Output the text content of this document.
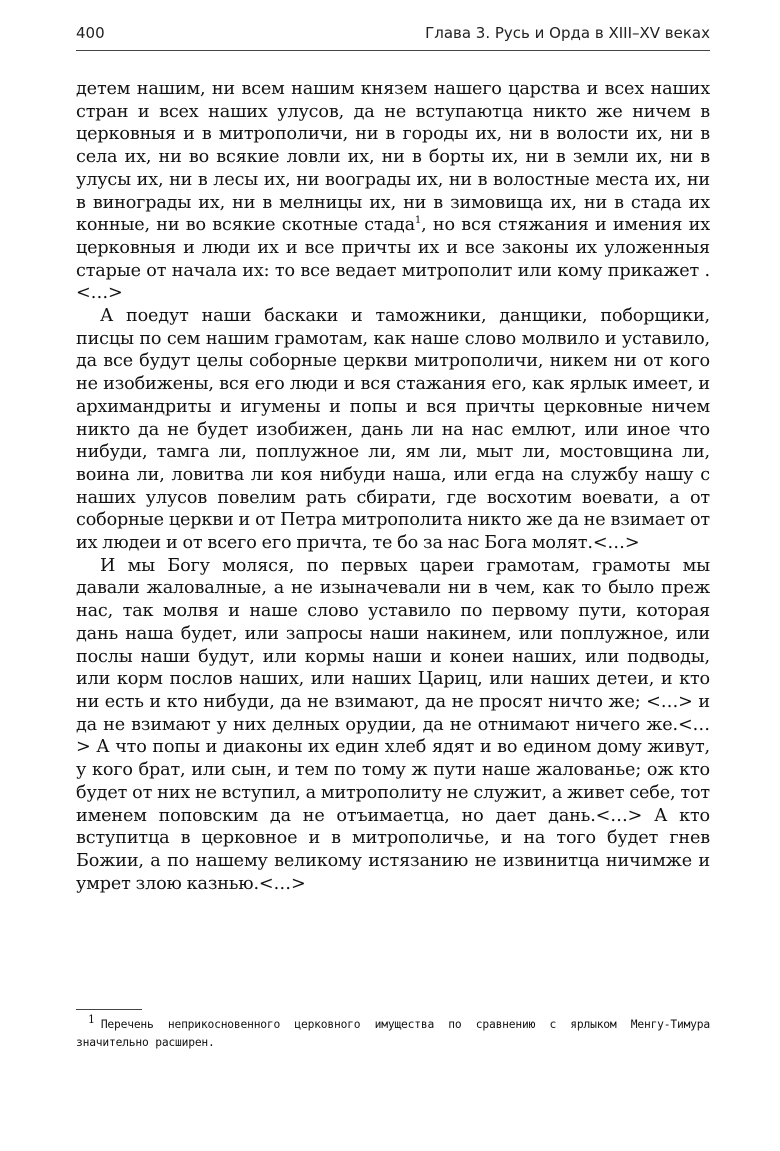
400	Глава 3. Русь и Орда в XIII–XV веках

детем нашим, ни всем нашим князем нашего царства и всех наших стран и всех наших улусов, да не вступаютца никто же ничем в церковныя и в митрополичи, ни в городы их, ни в волости их, ни в села их, ни во всякие ловли их, ни в борты их, ни в земли их, ни в улусы их, ни в лесы их, ни воограды их, ни в волостные места их, ни в винограды их, ни в мелницы их, ни в зимовища их, ни в стада их конные, ни во всякие скотные стада$^1$, но вся стяжания и имения их церковныя и люди их и все причты их и все законы их уложенныя старые от начала их: то все ведает митрополит или кому прикажет .<…>

А поедут наши баскаки и таможники, данщики, поборщики, писцы по сем нашим грамотам, как наше слово молвило и уставило, да все будут целы соборные церкви митрополичи, никем ни от кого не изобижены, вся его люди и вся стажания его, как ярлык имеет, и архимандриты и игумены и попы и вся причты церковные ничем никто да не будет изобижен, дань ли на нас емлют, или иное что нибуди, тамга ли, поплужное ли, ям ли, мыт ли, мостовщина ли, воина ли, ловитва ли коя нибуди наша, или егда на службу нашу с наших улусов повелим рать сбирати, где восхотим воевати, а от соборные церкви и от Петра митрополита никто же да не взимает от их людеи и от всего его причта, те бо за нас Бога молят.<…>

И мы Богу моляся, по первых цареи грамотам, грамоты мы давали жаловалные, а не изыначевали ни в чем, как то было преж нас, так молвя и наше слово уставило по первому пути, которая дань наша будет, или запросы наши накинем, или поплужное, или послы наши будут, или кормы наши и конеи наших, или подводы, или корм послов наших, или наших Цариц, или наших детеи, и кто ни есть и кто нибуди, да не взимают, да не просят ничто же; <…> и да не взимают у них делных орудии, да не отнимают ничего же.<…> А что попы и диаконы их един хлеб ядят и во едином дому живут, у кого брат, или сын, и тем по тому ж пути наше жалованье; ож кто будет от них не вступил, а митрополиту не служит, а живет себе, тот именем поповским да не отъимаетца, но дает дань.<…> А кто вступитца в церковное и в митрополичье, и на того будет гнев Божии, а по нашему великому истязанию не извинитца ничимже и умрет злою казнью.<…>

1 Перечень неприкосновенного церковного имущества по сравнению с ярлыком Менгу-Тимура значительно расширен.
